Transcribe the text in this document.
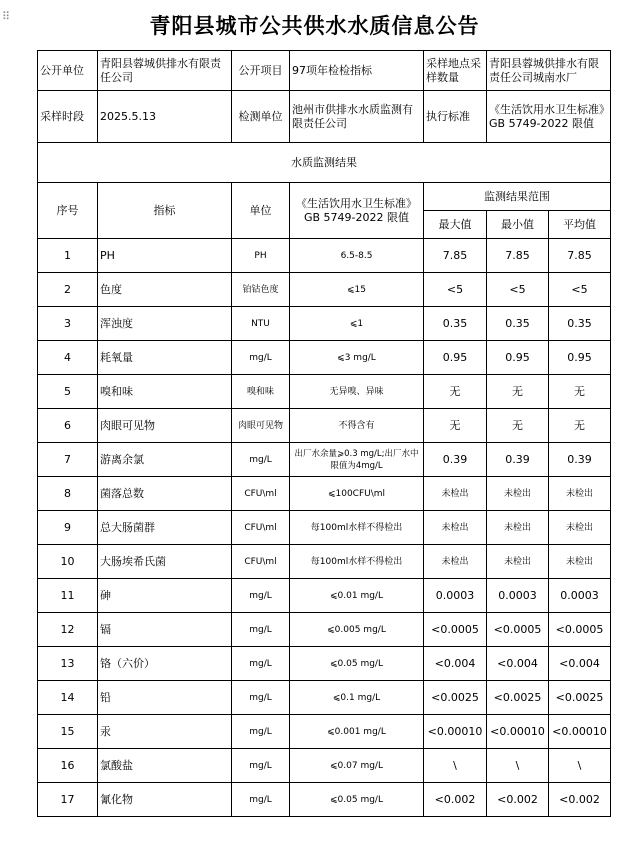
⠿	青阳县城市公共供水水质信息公告
公开单位	青阳县蓉城供排水有限责任公司	公开项目	97项年检检指标	采样地点采样数量	青阳县蓉城供排水有限责任公司城南水厂	
采样时段	2025.5.13	检测单位	池州市供排水水质监测有限责任公司	执行标准	《生活饮用水卫生标准》GB 5749-2022 限值	
水质监测结果						
序号	指标	单位	《生活饮用水卫生标准》GB 5749-2022 限值	监测结果范围		
				最大值	最小值	平均值
1	PH	PH	6.5-8.5	7.85	7.85	7.85
2	色度	铂钴色度	⩽15	<5	<5	<5
3	浑浊度	NTU	⩽1	0.35	0.35	0.35
4	耗氧量	mg/L	⩽3 mg/L	0.95	0.95	0.95
5	嗅和味	嗅和味	无异嗅、异味	无	无	无
6	肉眼可见物	肉眼可见物	不得含有	无	无	无
7	游离余氯	mg/L	出厂水余量⩾0.3 mg/L;出厂水中限值为4mg/L	0.39	0.39	0.39
8	菌落总数	CFU\ml	⩽100CFU\ml	未检出	未检出	未检出
9	总大肠菌群	CFU\ml	每100ml水样不得检出	未检出	未检出	未检出
10	大肠埃希氏菌	CFU\ml	每100ml水样不得检出	未检出	未检出	未检出
11	砷	mg/L	⩽0.01 mg/L	0.0003	0.0003	0.0003
12	镉	mg/L	⩽0.005 mg/L	<0.0005	<0.0005	<0.0005
13	铬（六价）	mg/L	⩽0.05 mg/L	<0.004	<0.004	<0.004
14	铅	mg/L	⩽0.1 mg/L	<0.0025	<0.0025	<0.0025
15	汞	mg/L	⩽0.001 mg/L	<0.00010	<0.00010	<0.00010
16	氯酸盐	mg/L	⩽0.07 mg/L	\	\	\
17	氰化物	mg/L	⩽0.05 mg/L	<0.002	<0.002	<0.002
